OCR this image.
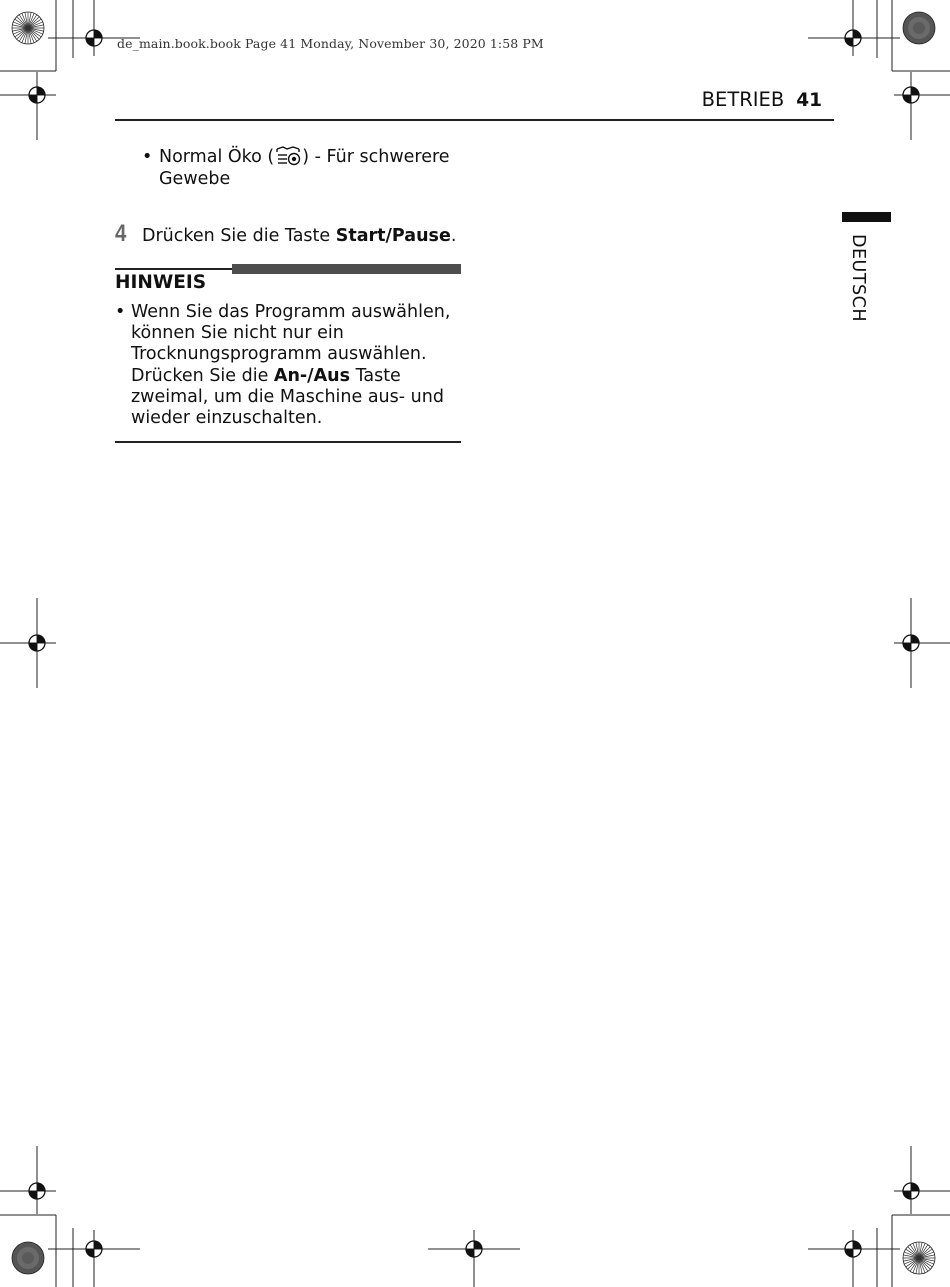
de_main.book.book Page 41 Monday, November 30, 2020 1:58 PM
BETRIEB 41
DEUTSCH
• Normal Öko ( ) - Für schwerere Gewebe
4 Drücken Sie die Taste Start/Pause.
HINWEIS
• Wenn Sie das Programm auswählen, können Sie nicht nur ein Trocknungsprogramm auswählen. Drücken Sie die An-/Aus Taste zweimal, um die Maschine aus- und wieder einzuschalten.
